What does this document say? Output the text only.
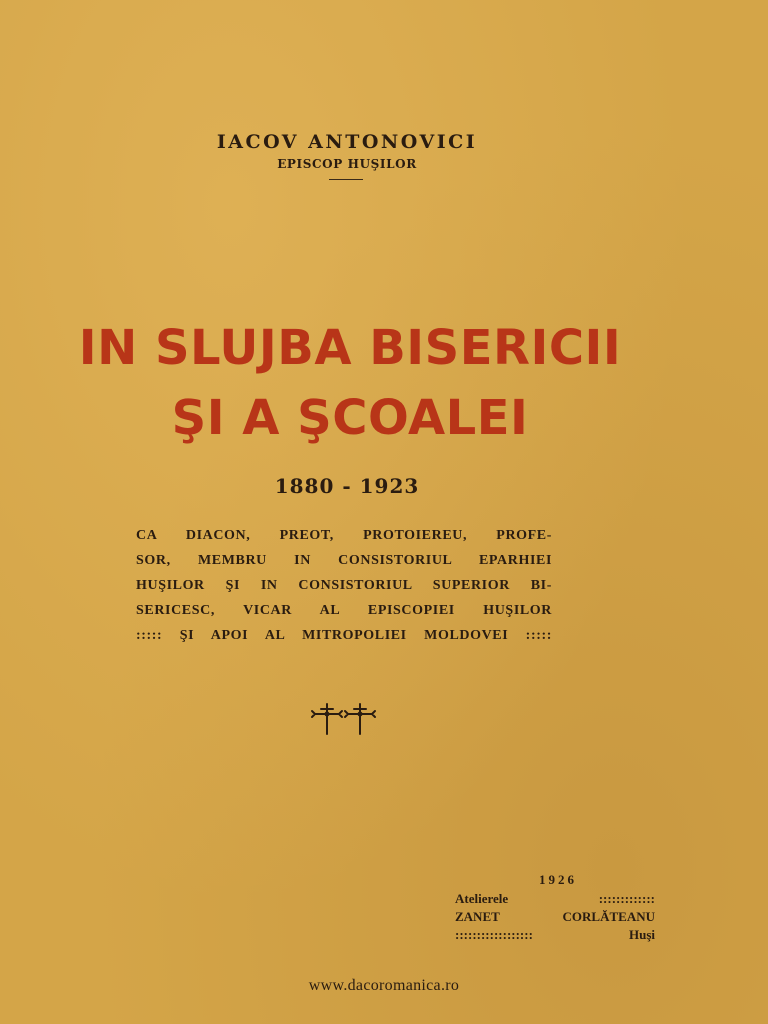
IACOV ANTONOVICI
EPISCOP HUŞILOR
IN SLUJBA BISERICII
ŞI A ŞCOALEI
1880 - 1923
CA DIACON, PREOT, PROTOIEREU, PROFE-
SOR, MEMBRU IN CONSISTORIUL EPARHIEI
HUŞILOR ŞI IN CONSISTORIUL SUPERIOR BI-
SERICESC, VICAR AL EPISCOPIEI HUŞILOR
::::: ŞI APOI AL MITROPOLIEI MOLDOVEI :::::
1926
Atelierele :::::::::::::
ZANET CORLĂTEANU
:::::::::::::::::: Huşi
www.dacoromanica.ro
